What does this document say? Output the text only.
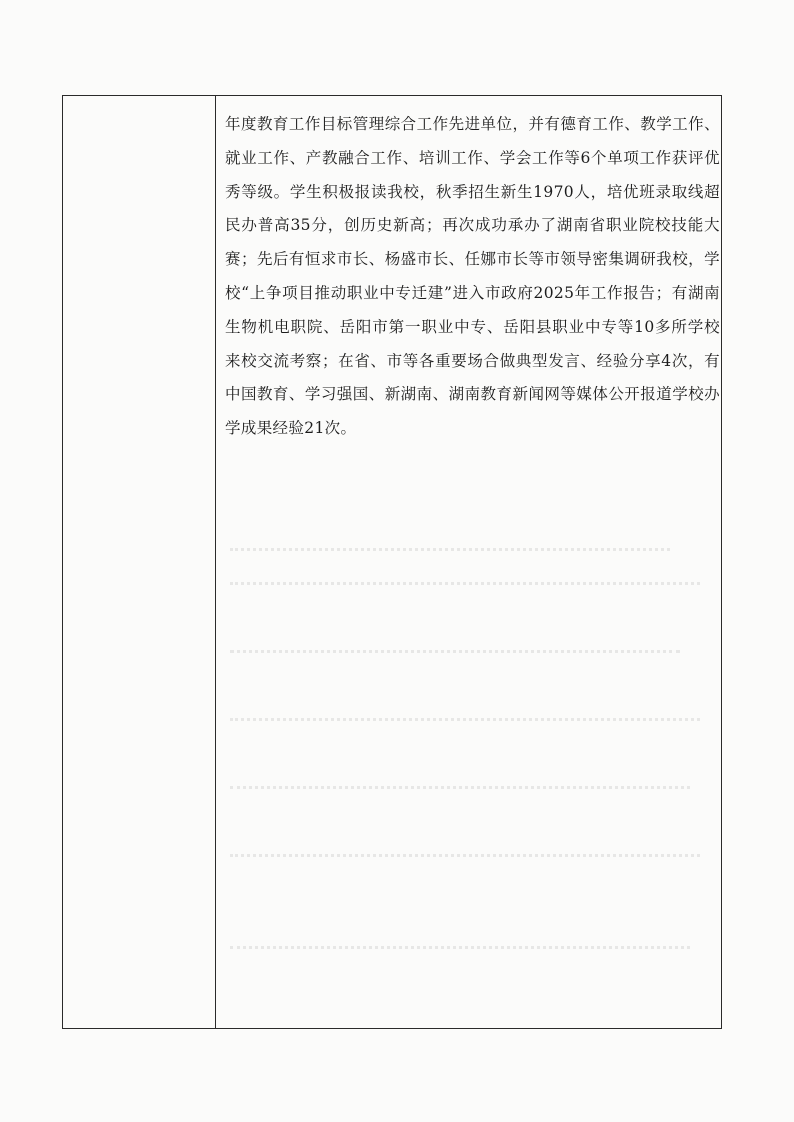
年度教育工作目标管理综合工作先进单位，并有德育工作、教学工作、就业工作、产教融合工作、培训工作、学会工作等6个单项工作获评优秀等级。学生积极报读我校，秋季招生新生1970人，培优班录取线超民办普高35分，创历史新高；再次成功承办了湖南省职业院校技能大赛；先后有恒求市长、杨盛市长、任娜市长等市领导密集调研我校，学校“上争项目推动职业中专迁建”进入市政府2025年工作报告；有湖南生物机电职院、岳阳市第一职业中专、岳阳县职业中专等10多所学校来校交流考察；在省、市等各重要场合做典型发言、经验分享4次，有中国教育、学习强国、新湖南、湖南教育新闻网等媒体公开报道学校办学成果经验21次。
